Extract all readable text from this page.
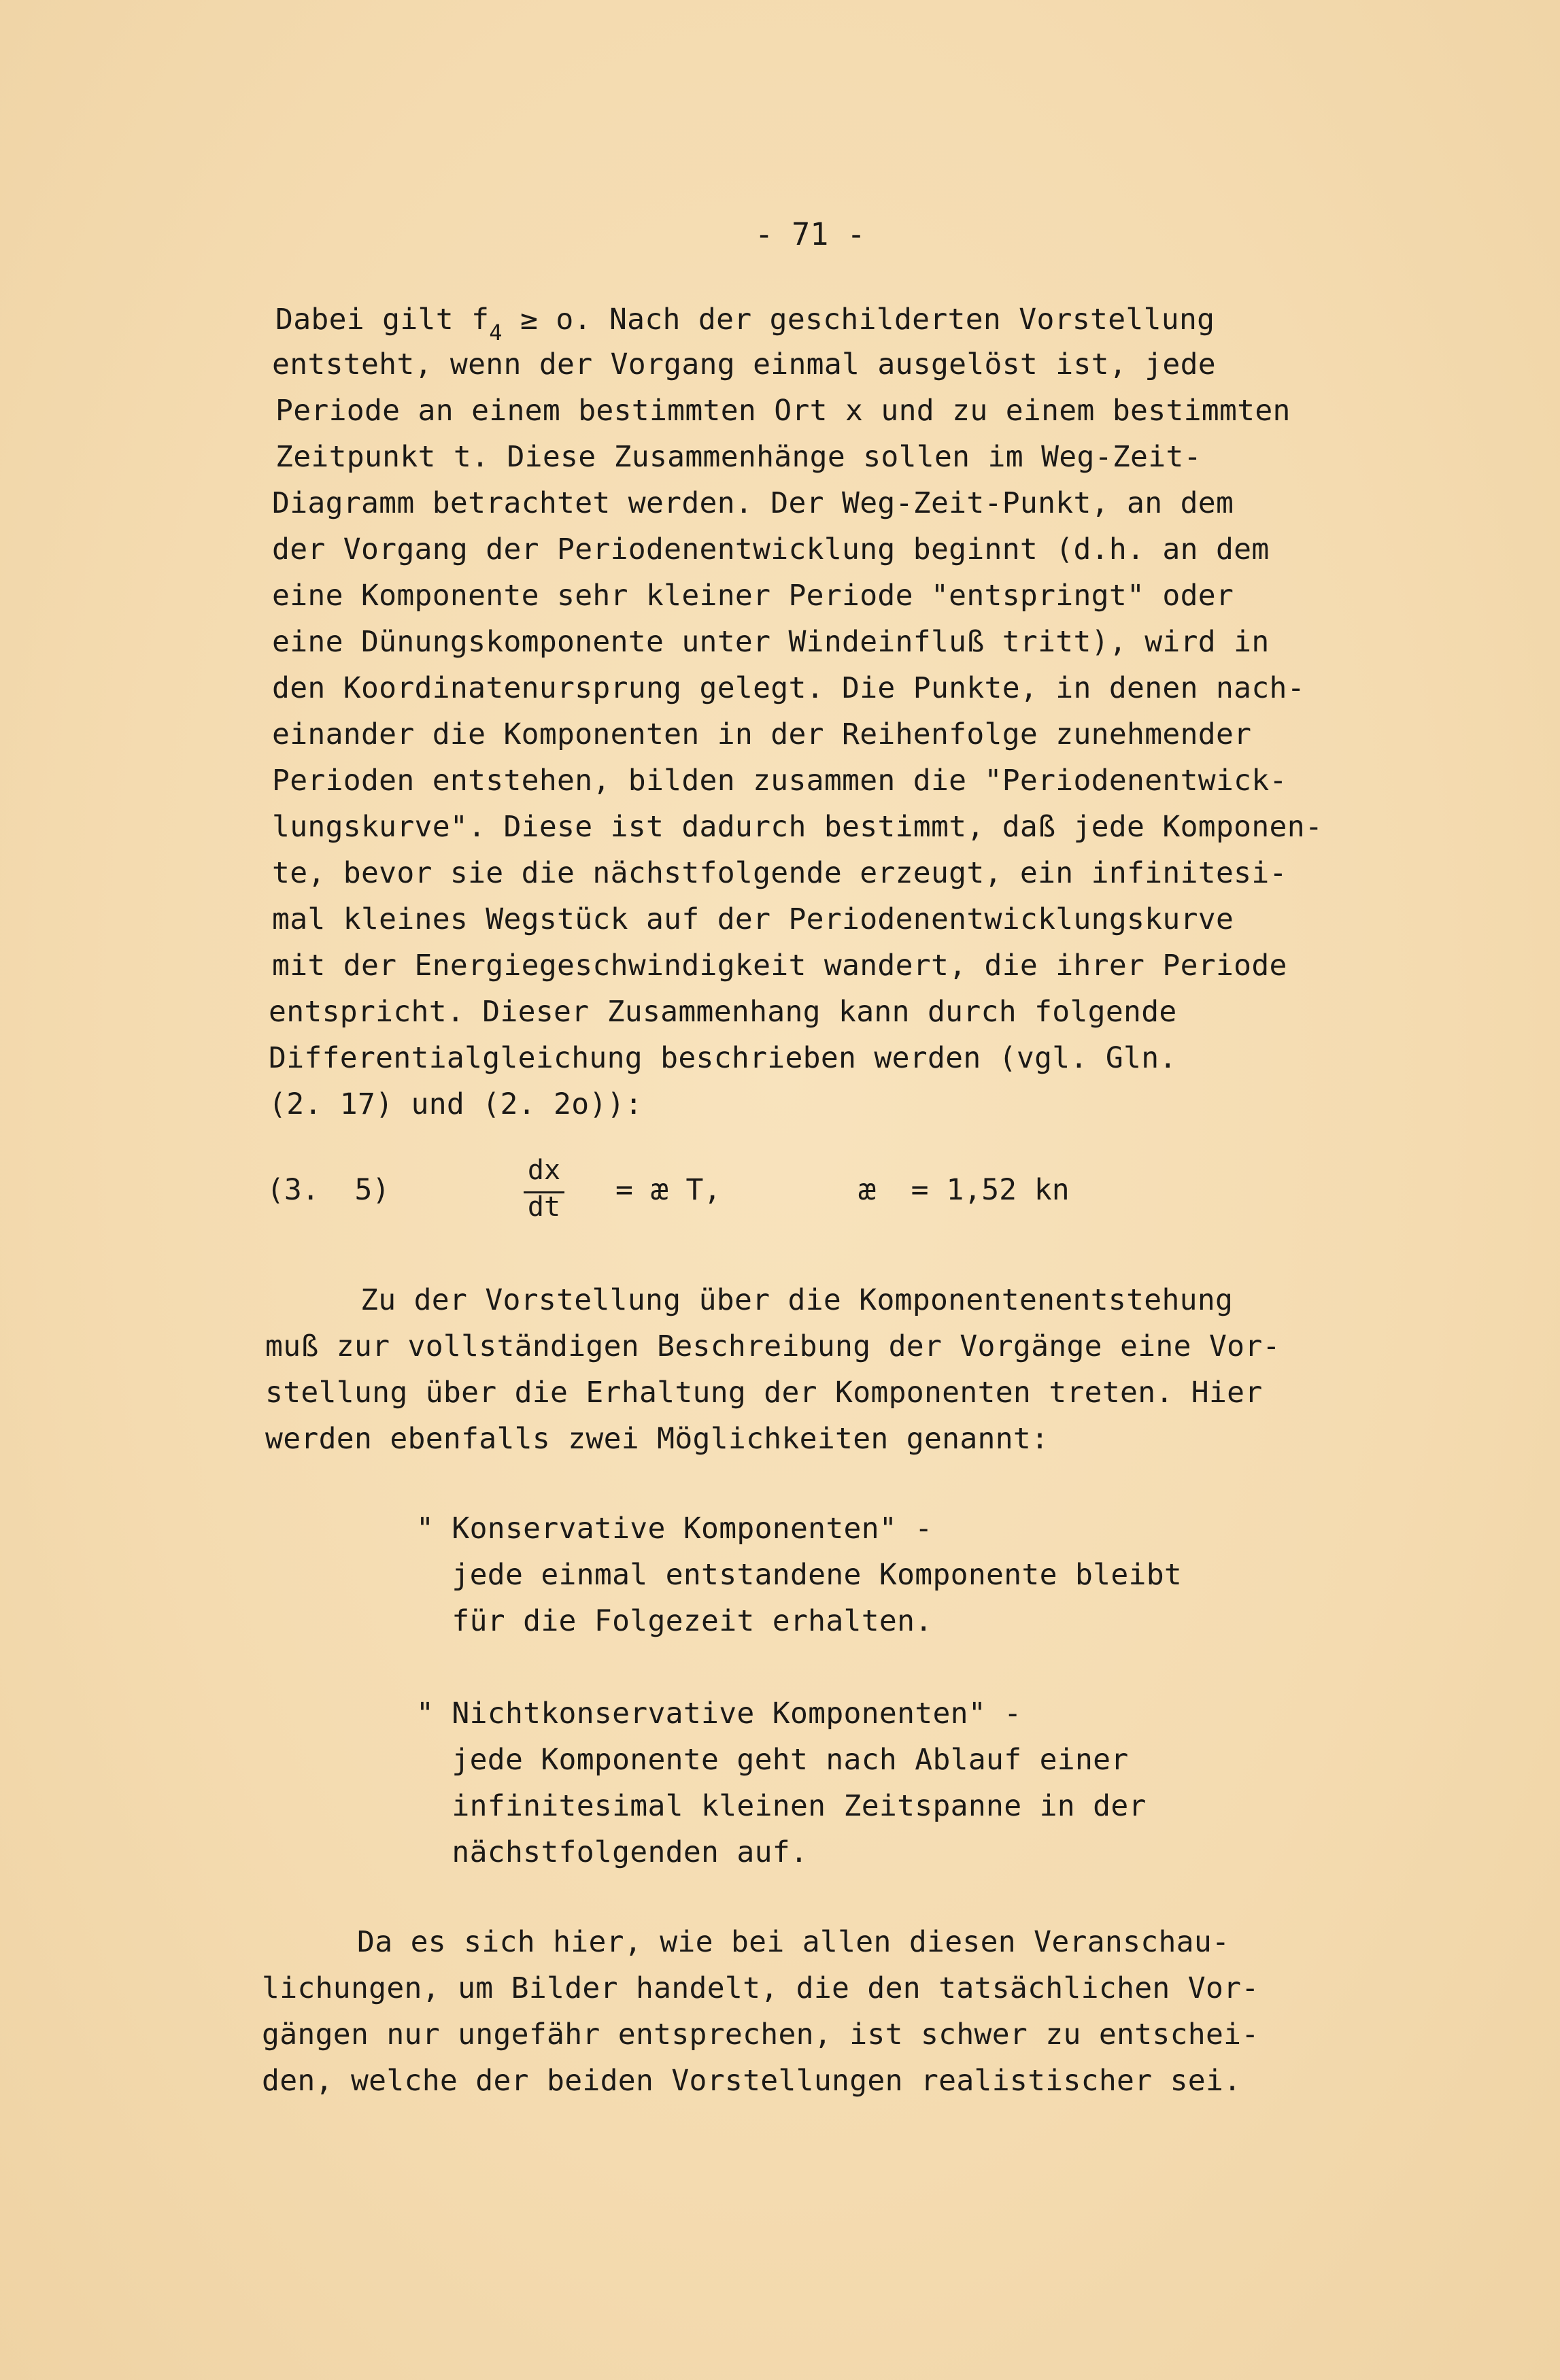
- 71 -
Dabei gilt $f_4 \ge o$. Nach der geschilderten Vorstellung
entsteht, wenn der Vorgang einmal ausgelöst ist, jede
Periode an einem bestimmten Ort x und zu einem bestimmten
Zeitpunkt t. Diese Zusammenhänge sollen im Weg-Zeit-
Diagramm betrachtet werden. Der Weg-Zeit-Punkt, an dem
der Vorgang der Periodenentwicklung beginnt (d.h. an dem
eine Komponente sehr kleiner Periode "entspringt" oder
eine Dünungskomponente unter Windeinfluß tritt), wird in
den Koordinatenursprung gelegt. Die Punkte, in denen nach-
einander die Komponenten in der Reihenfolge zunehmender
Perioden entstehen, bilden zusammen die "Periodenentwick-
lungskurve". Diese ist dadurch bestimmt, daß jede Komponen-
te, bevor sie die nächstfolgende erzeugt, ein infinitesi-
mal kleines Wegstück auf der Periodenentwicklungskurve
mit der Energiegeschwindigkeit wandert, die ihrer Periode
entspricht. Dieser Zusammenhang kann durch folgende
Differentialgleichung beschrieben werden (vgl. Gln.
(2. 17) und (2. 2o)):
(3.  5)
dx
dt = æ T,	æ  = 1,52 kn
Zu der Vorstellung über die Komponentenentstehung
muß zur vollständigen Beschreibung der Vorgänge eine Vor-
stellung über die Erhaltung der Komponenten treten. Hier
werden ebenfalls zwei Möglichkeiten genannt:
" Konservative Komponenten" -
jede einmal entstandene Komponente bleibt
für die Folgezeit erhalten.
" Nichtkonservative Komponenten" -
jede Komponente geht nach Ablauf einer
infinitesimal kleinen Zeitspanne in der
nächstfolgenden auf.
Da es sich hier, wie bei allen diesen Veranschau-
lichungen, um Bilder handelt, die den tatsächlichen Vor-
gängen nur ungefähr entsprechen, ist schwer zu entschei-
den, welche der beiden Vorstellungen realistischer sei.
